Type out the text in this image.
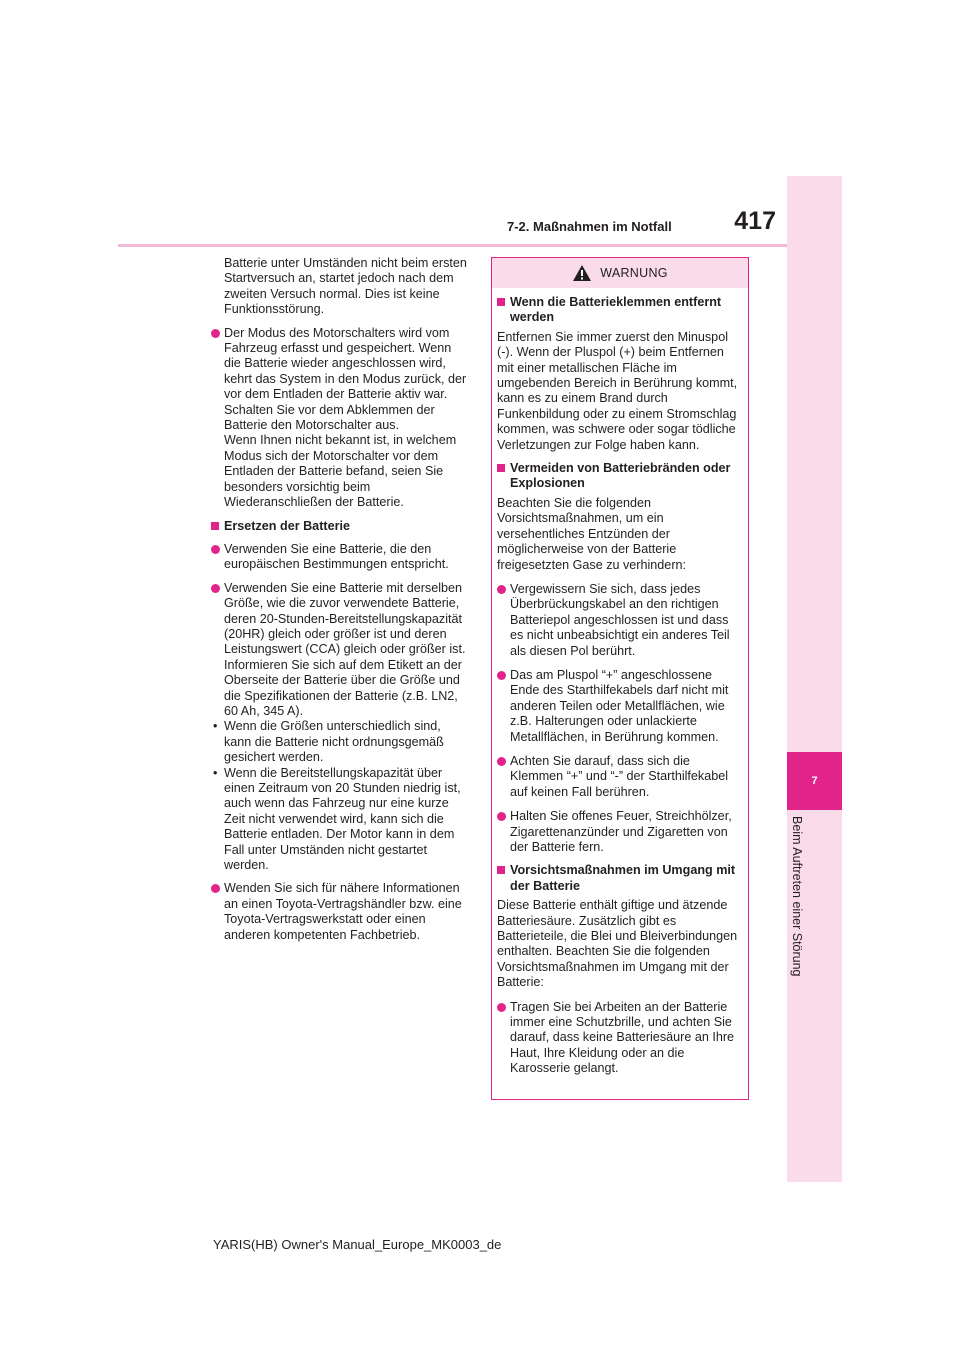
417
7-2. Maßnahmen im Notfall
7
Beim Auftreten einer Störung

Batterie unter Umständen nicht beim ersten Startversuch an, startet jedoch nach dem zweiten Versuch normal. Dies ist keine Funktionsstörung.

Der Modus des Motorschalters wird vom Fahrzeug erfasst und gespeichert. Wenn die Batterie wieder angeschlossen wird, kehrt das System in den Modus zurück, der vor dem Entladen der Batterie aktiv war. Schalten Sie vor dem Abklemmen der Batterie den Motorschalter aus.

Wenn Ihnen nicht bekannt ist, in welchem Modus sich der Motorschalter vor dem Entladen der Batterie befand, seien Sie besonders vorsichtig beim Wiederanschließen der Batterie.

Ersetzen der Batterie

Verwenden Sie eine Batterie, die den europäischen Bestimmungen entspricht.

Verwenden Sie eine Batterie mit derselben Größe, wie die zuvor verwendete Batterie, deren 20-Stunden-Bereitstellungskapazität (20HR) gleich oder größer ist und deren Leistungswert (CCA) gleich oder größer ist. Informieren Sie sich auf dem Etikett an der Oberseite der Batterie über die Größe und die Spezifikationen der Batterie (z.B. LN2, 60 Ah, 345 A).

• Wenn die Größen unterschiedlich sind, kann die Batterie nicht ordnungsgemäß gesichert werden.

• Wenn die Bereitstellungskapazität über einen Zeitraum von 20 Stunden niedrig ist, auch wenn das Fahrzeug nur eine kurze Zeit nicht verwendet wird, kann sich die Batterie entladen. Der Motor kann in dem Fall unter Umständen nicht gestartet werden.

Wenden Sie sich für nähere Informationen an einen Toyota-Vertragshändler bzw. eine Toyota-Vertragswerkstatt oder einen anderen kompetenten Fachbetrieb.

WARNUNG

Wenn die Batterieklemmen entfernt werden

Entfernen Sie immer zuerst den Minuspol (-). Wenn der Pluspol (+) beim Entfernen mit einer metallischen Fläche im umgebenden Bereich in Berührung kommt, kann es zu einem Brand durch Funkenbildung oder zu einem Stromschlag kommen, was schwere oder sogar tödliche Verletzungen zur Folge haben kann.

Vermeiden von Batteriebränden oder Explosionen

Beachten Sie die folgenden Vorsichtsmaßnahmen, um ein versehentliches Entzünden der möglicherweise von der Batterie freigesetzten Gase zu verhindern:

Vergewissern Sie sich, dass jedes Überbrückungskabel an den richtigen Batteriepol angeschlossen ist und dass es nicht unbeabsichtigt ein anderes Teil als diesen Pol berührt.

Das am Pluspol “+” angeschlossene Ende des Starthilfekabels darf nicht mit anderen Teilen oder Metallflächen, wie z.B. Halterungen oder unlackierte Metallflächen, in Berührung kommen.

Achten Sie darauf, dass sich die Klemmen “+” und “-” der Starthilfekabel auf keinen Fall berühren.

Halten Sie offenes Feuer, Streichhölzer, Zigarettenanzünder und Zigaretten von der Batterie fern.

Vorsichtsmaßnahmen im Umgang mit der Batterie

Diese Batterie enthält giftige und ätzende Batteriesäure. Zusätzlich gibt es Batterieteile, die Blei und Bleiverbindungen enthalten. Beachten Sie die folgenden Vorsichtsmaßnahmen im Umgang mit der Batterie:

Tragen Sie bei Arbeiten an der Batterie immer eine Schutzbrille, und achten Sie darauf, dass keine Batteriesäure an Ihre Haut, Ihre Kleidung oder an die Karosserie gelangt.

YARIS(HB) Owner's Manual_Europe_MK0003_de
